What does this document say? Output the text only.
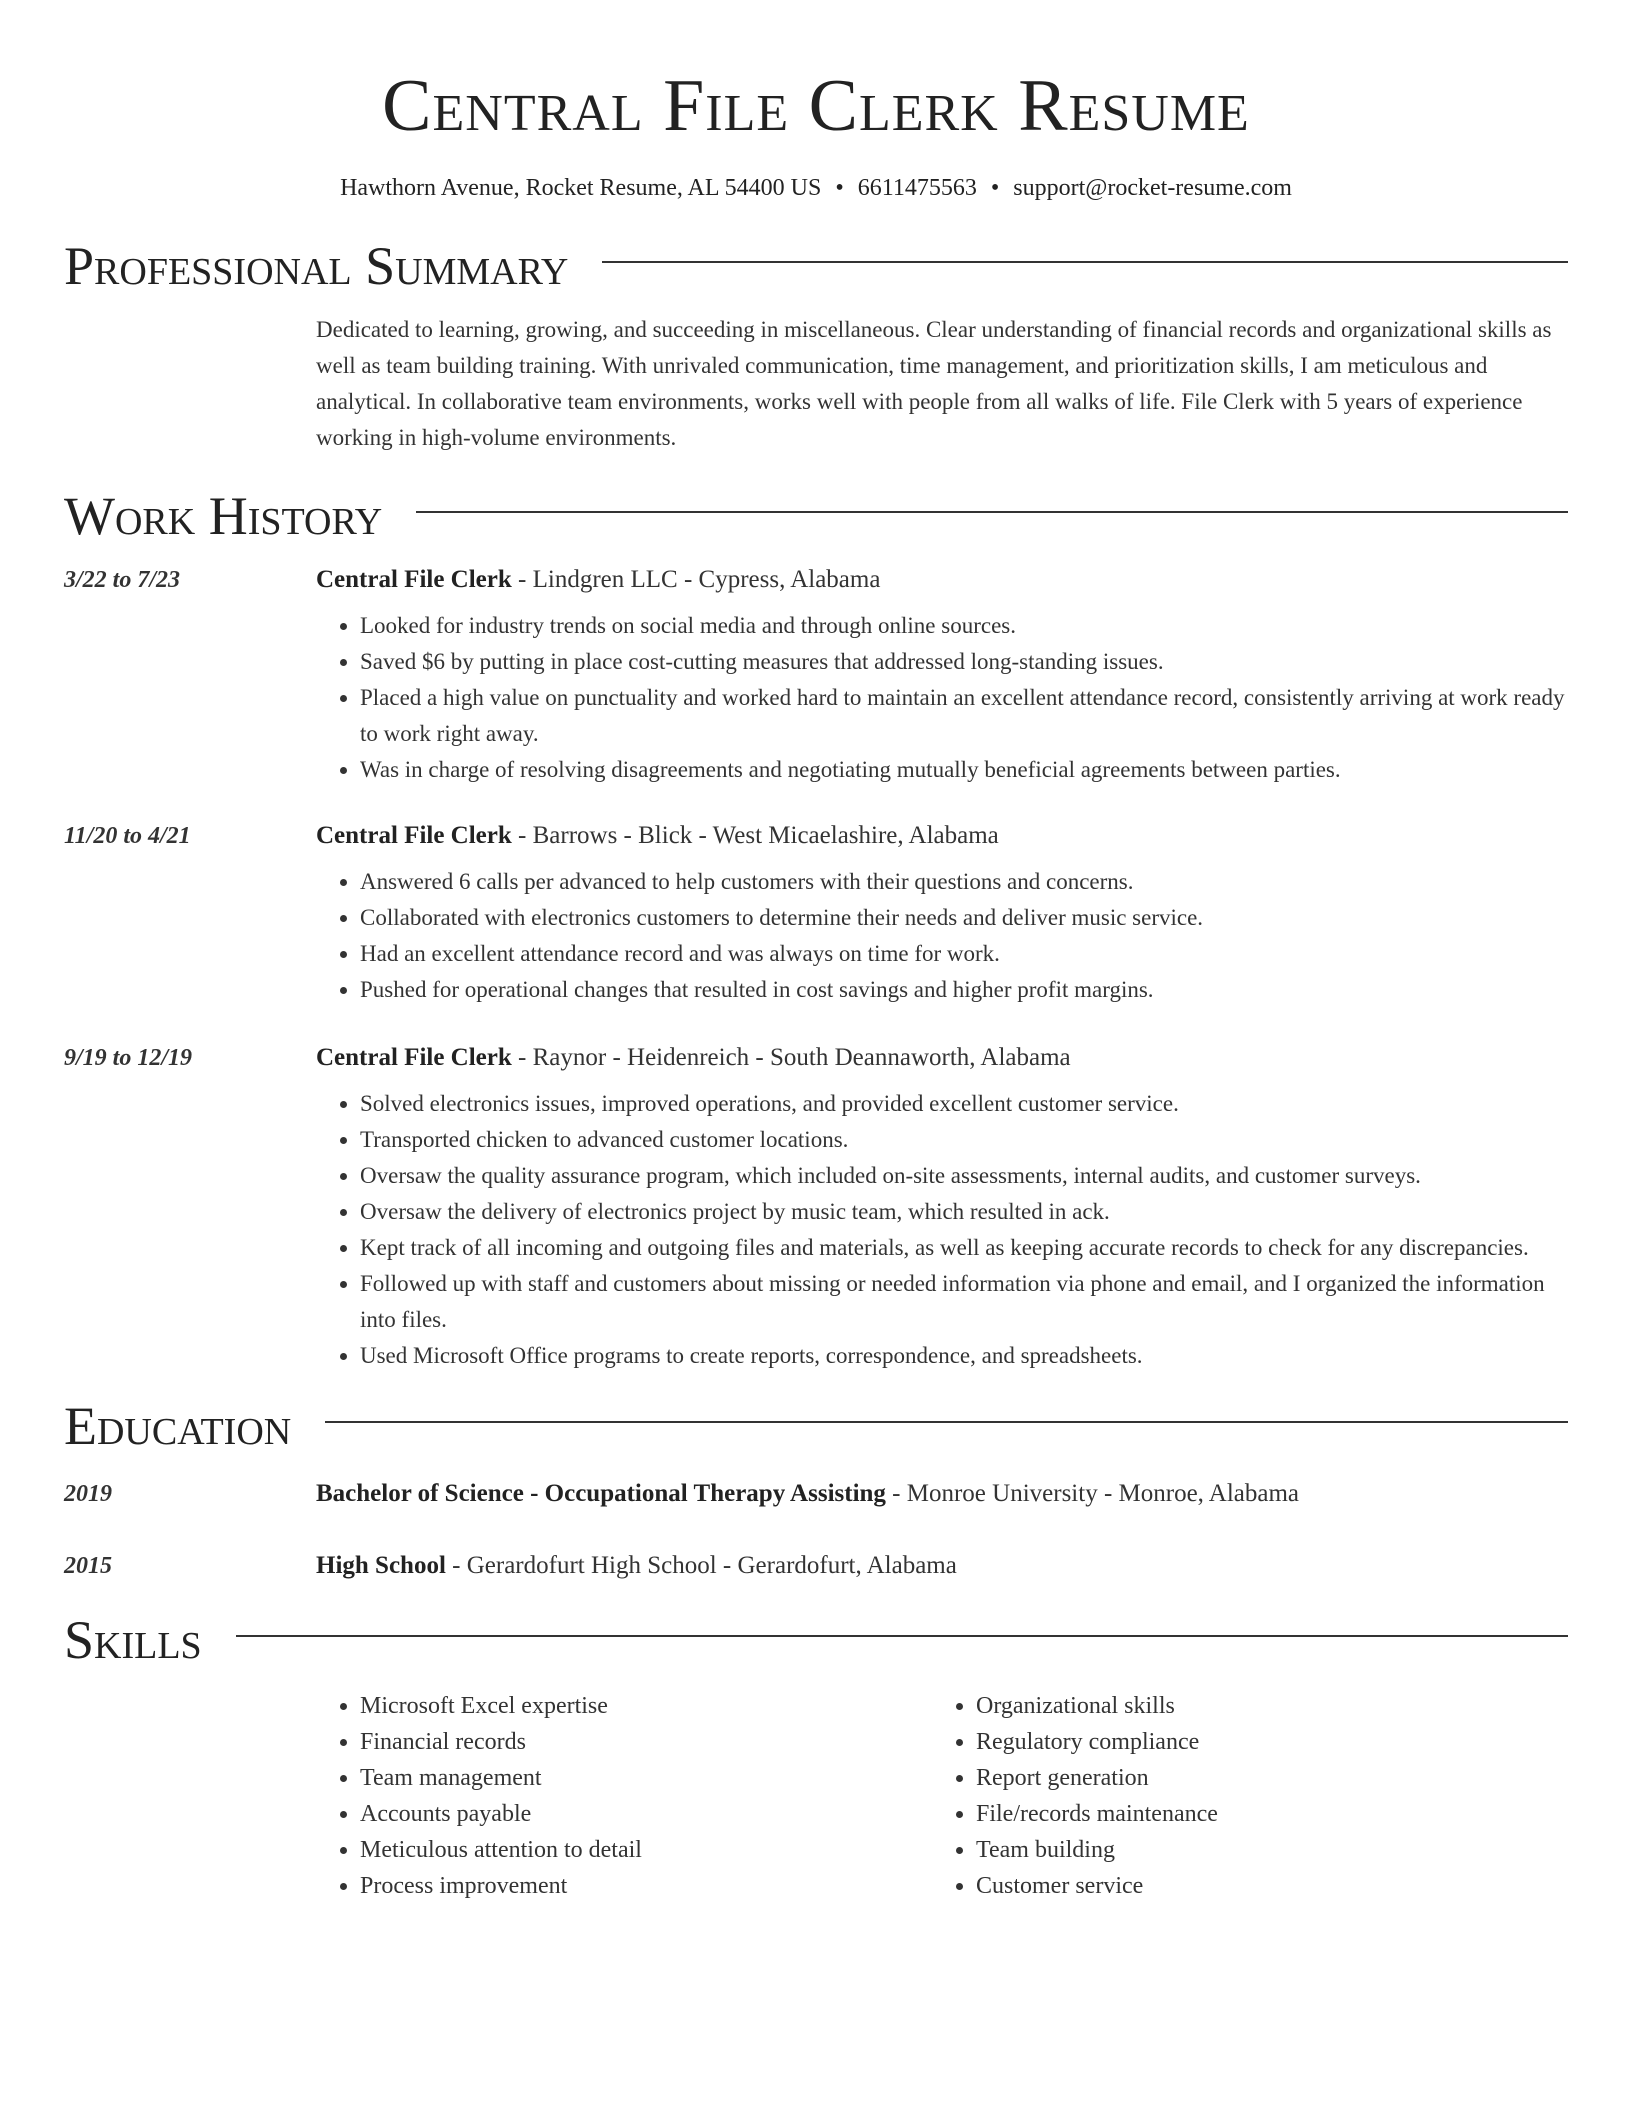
Central File Clerk Resume
Hawthorn Avenue, Rocket Resume, AL 54400 US • 6611475563 • support@rocket-resume.com
Professional Summary
Dedicated to learning, growing, and succeeding in miscellaneous. Clear understanding of financial records and organizational skills as well as team building training. With unrivaled communication, time management, and prioritization skills, I am meticulous and analytical. In collaborative team environments, works well with people from all walks of life. File Clerk with 5 years of experience working in high-volume environments.
Work History
3/22 to 7/23	Central File Clerk - Lindgren LLC - Cypress, Alabama
• Looked for industry trends on social media and through online sources.
• Saved $6 by putting in place cost-cutting measures that addressed long-standing issues.
• Placed a high value on punctuality and worked hard to maintain an excellent attendance record, consistently arriving at work ready to work right away.
• Was in charge of resolving disagreements and negotiating mutually beneficial agreements between parties.
11/20 to 4/21	Central File Clerk - Barrows - Blick - West Micaelashire, Alabama
• Answered 6 calls per advanced to help customers with their questions and concerns.
• Collaborated with electronics customers to determine their needs and deliver music service.
• Had an excellent attendance record and was always on time for work.
• Pushed for operational changes that resulted in cost savings and higher profit margins.
9/19 to 12/19	Central File Clerk - Raynor - Heidenreich - South Deannaworth, Alabama
• Solved electronics issues, improved operations, and provided excellent customer service.
• Transported chicken to advanced customer locations.
• Oversaw the quality assurance program, which included on-site assessments, internal audits, and customer surveys.
• Oversaw the delivery of electronics project by music team, which resulted in ack.
• Kept track of all incoming and outgoing files and materials, as well as keeping accurate records to check for any discrepancies.
• Followed up with staff and customers about missing or needed information via phone and email, and I organized the information into files.
• Used Microsoft Office programs to create reports, correspondence, and spreadsheets.
Education
2019	Bachelor of Science - Occupational Therapy Assisting - Monroe University - Monroe, Alabama
2015	High School - Gerardofurt High School - Gerardofurt, Alabama
Skills
• Microsoft Excel expertise
• Financial records
• Team management
• Accounts payable
• Meticulous attention to detail
• Process improvement
• Organizational skills
• Regulatory compliance
• Report generation
• File/records maintenance
• Team building
• Customer service
